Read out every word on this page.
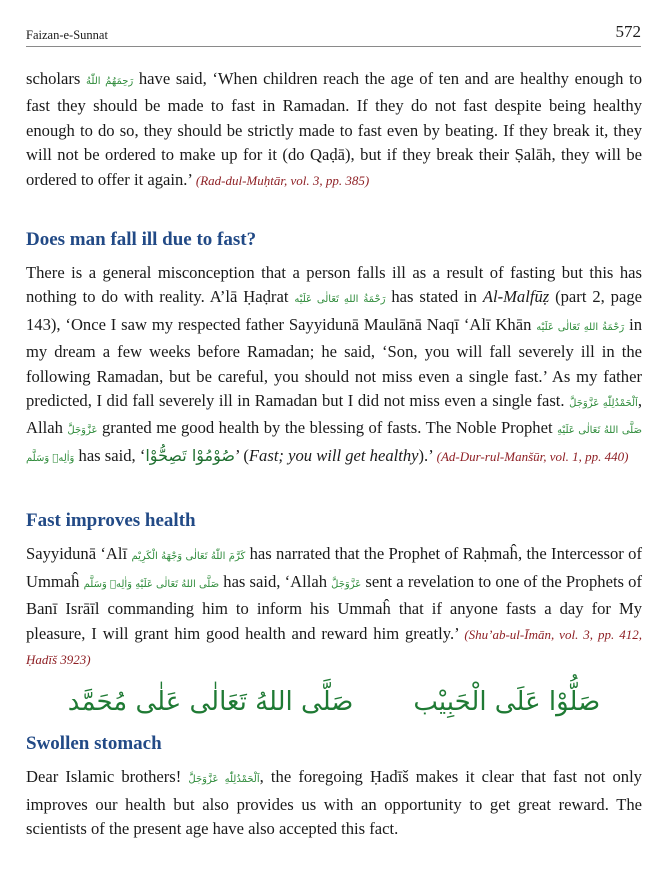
Faizan-e-Sunnat	572

scholars رَحِمَهُمُ اللّٰهُ have said, ‘When children reach the age of ten and are healthy enough to fast they should be made to fast in Ramadan. If they do not fast despite being healthy enough to do so, they should be strictly made to fast even by beating. If they break it, they will not be ordered to make up for it (do Qaḍā), but if they break their Ṣalāh, they will be ordered to offer it again.’ (Rad-dul-Muḥtār, vol. 3, pp. 385)

Does man fall ill due to fast?

There is a general misconception that a person falls ill as a result of fasting but this has nothing to do with reality. A’lā Ḥaḍrat رَحْمَةُ اللهِ تَعَالٰی عَلَيْه has stated in Al-Malfūẓ (part 2, page 143), ‘Once I saw my respected father Sayyidunā Maulānā Naqī ‘Alī Khān رَحْمَةُ اللهِ تَعَالٰی عَلَيْه in my dream a few weeks before Ramadan; he said, ‘Son, you will fall severely ill in the following Ramadan, but be careful, you should not miss even a single fast.’ As my father predicted, I did fall severely ill in Ramadan but I did not miss even a single fast. اَلْحَمْدُلِلّٰهِ عَزَّوَجَلَّ, Allah عَزَّوَجَلَّ granted me good health by the blessing of fasts. The Noble Prophet صَلَّى اللهُ تَعَالٰی عَلَيْهِ وَاٰلِهٖ وَسَلَّم has said, ‘صُوْمُوْا تَصِحُّوْا’ (Fast; you will get healthy).’ (Ad-Dur-rul-Manšūr, vol. 1, pp. 440)

Fast improves health

Sayyidunā ‘Alī كَرَّمَ اللّٰهُ تَعَالٰی وَجْهَهُ الْكَرِيْم has narrated that the Prophet of Raḥmaĥ, the Intercessor of Ummaĥ صَلَّى اللهُ تَعَالٰی عَلَيْهِ وَاٰلِهٖ وَسَلَّم has said, ‘Allah عَزَّوَجَلَّ sent a revelation to one of the Prophets of Banī Isrāīl commanding him to inform his Ummaĥ that if anyone fasts a day for My pleasure, I will grant him good health and reward him greatly.’ (Shu’ab-ul-Īmān, vol. 3, pp. 412, Ḥadīš 3923)

صَلُّوْا عَلَى الْحَبِيْب
صَلَّى اللهُ تَعَالٰى عَلٰى مُحَمَّد
Swollen stomach

Dear Islamic brothers! اَلْحَمْدُلِلّٰهِ عَزَّوَجَلَّ, the foregoing Ḥadīš makes it clear that fast not only improves our health but also provides us with an opportunity to get great reward. The scientists of the present age have also accepted this fact.
